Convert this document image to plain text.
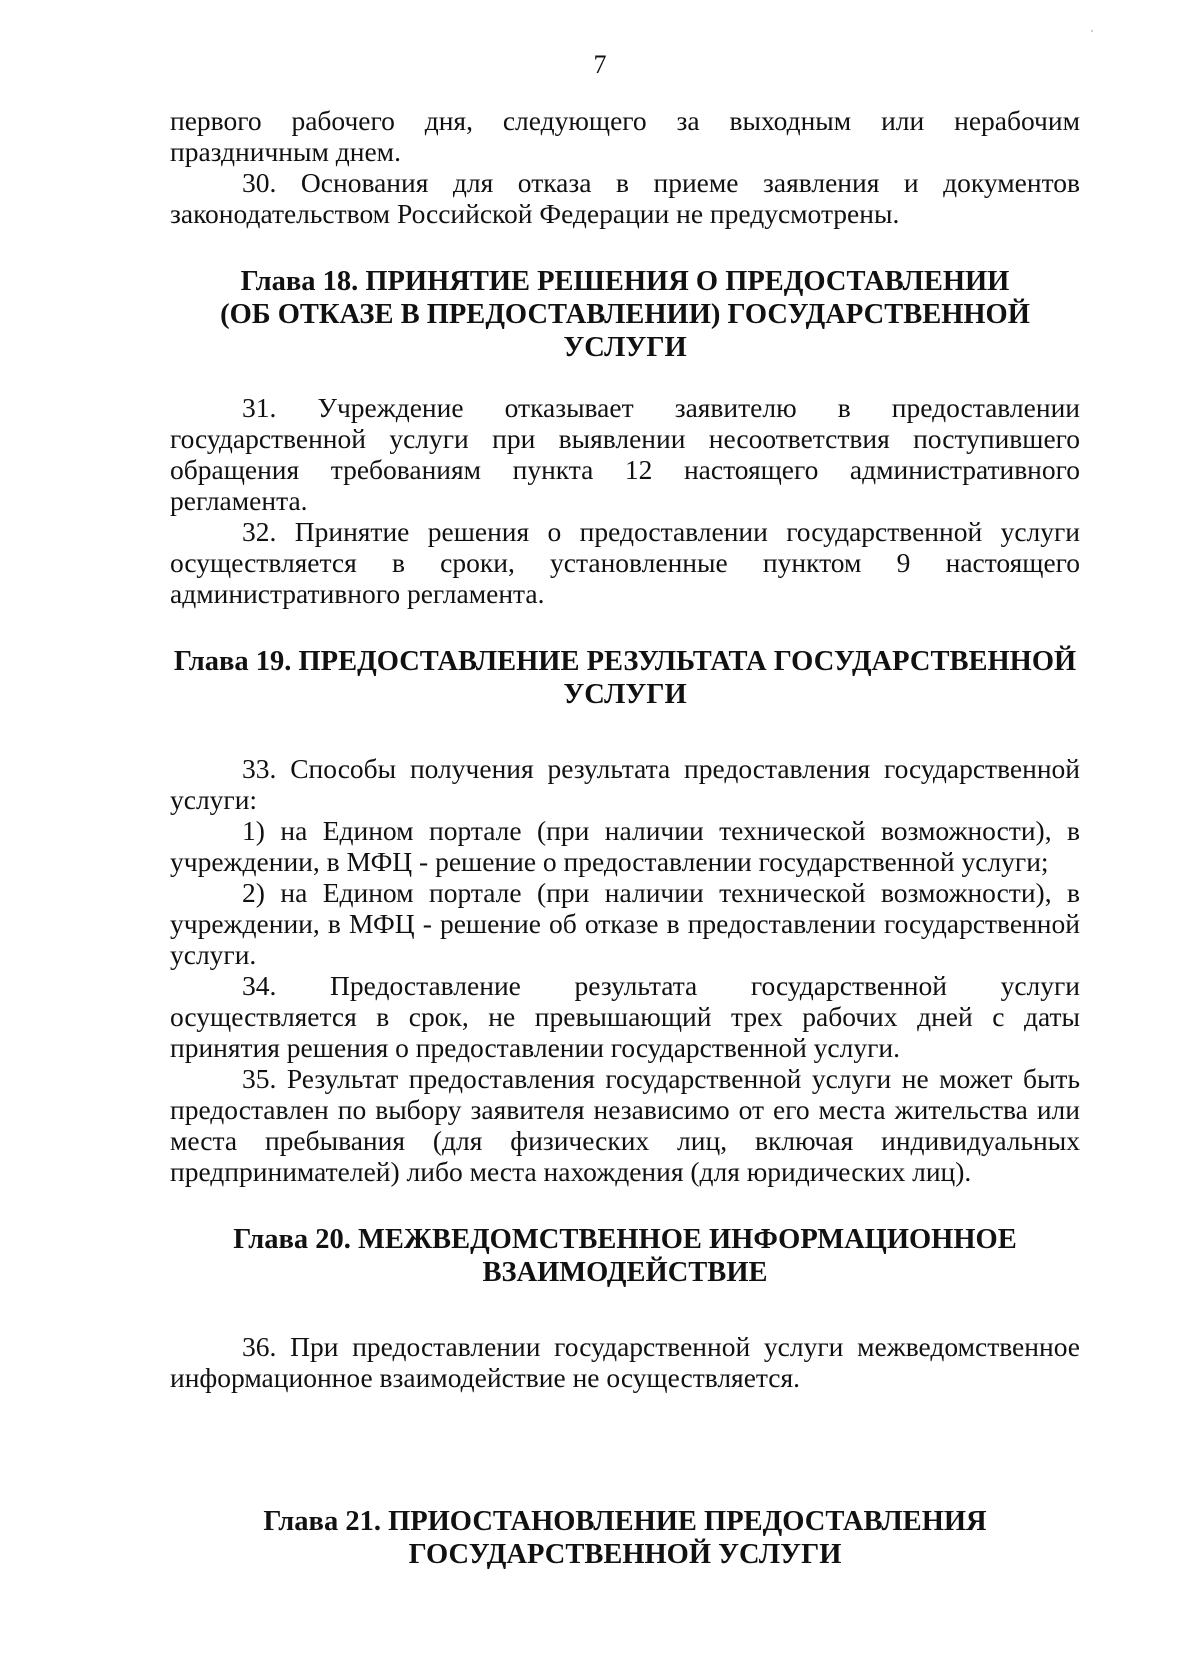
7

первого рабочего дня, следующего за выходным или нерабочим праздничным днем.

30. Основания для отказа в приеме заявления и документов законодательством Российской Федерации не предусмотрены.

Глава 18. ПРИНЯТИЕ РЕШЕНИЯ О ПРЕДОСТАВЛЕНИИ
(ОБ ОТКАЗЕ В ПРЕДОСТАВЛЕНИИ) ГОСУДАРСТВЕННОЙ УСЛУГИ

31. Учреждение отказывает заявителю в предоставлении государственной услуги при выявлении несоответствия поступившего обращения требованиям пункта 12 настоящего административного регламента.

32. Принятие решения о предоставлении государственной услуги осуществляется в сроки, установленные пунктом 9 настоящего административного регламента.

Глава 19. ПРЕДОСТАВЛЕНИЕ РЕЗУЛЬТАТА ГОСУДАРСТВЕННОЙ
УСЛУГИ

33. Способы получения результата предоставления государственной услуги:

1) на Едином портале (при наличии технической возможности), в учреждении, в МФЦ - решение о предоставлении государственной услуги;

2) на Едином портале (при наличии технической возможности), в учреждении, в МФЦ - решение об отказе в предоставлении государственной услуги.

34. Предоставление результата государственной услуги осуществляется в срок, не превышающий трех рабочих дней с даты принятия решения о предоставлении государственной услуги.

35. Результат предоставления государственной услуги не может быть предоставлен по выбору заявителя независимо от его места жительства или места пребывания (для физических лиц, включая индивидуальных предпринимателей) либо места нахождения (для юридических лиц).

Глава 20. МЕЖВЕДОМСТВЕННОЕ ИНФОРМАЦИОННОЕ
ВЗАИМОДЕЙСТВИЕ

36. При предоставлении государственной услуги межведомственное информационное взаимодействие не осуществляется.

Глава 21. ПРИОСТАНОВЛЕНИЕ ПРЕДОСТАВЛЕНИЯ
ГОСУДАРСТВЕННОЙ УСЛУГИ
